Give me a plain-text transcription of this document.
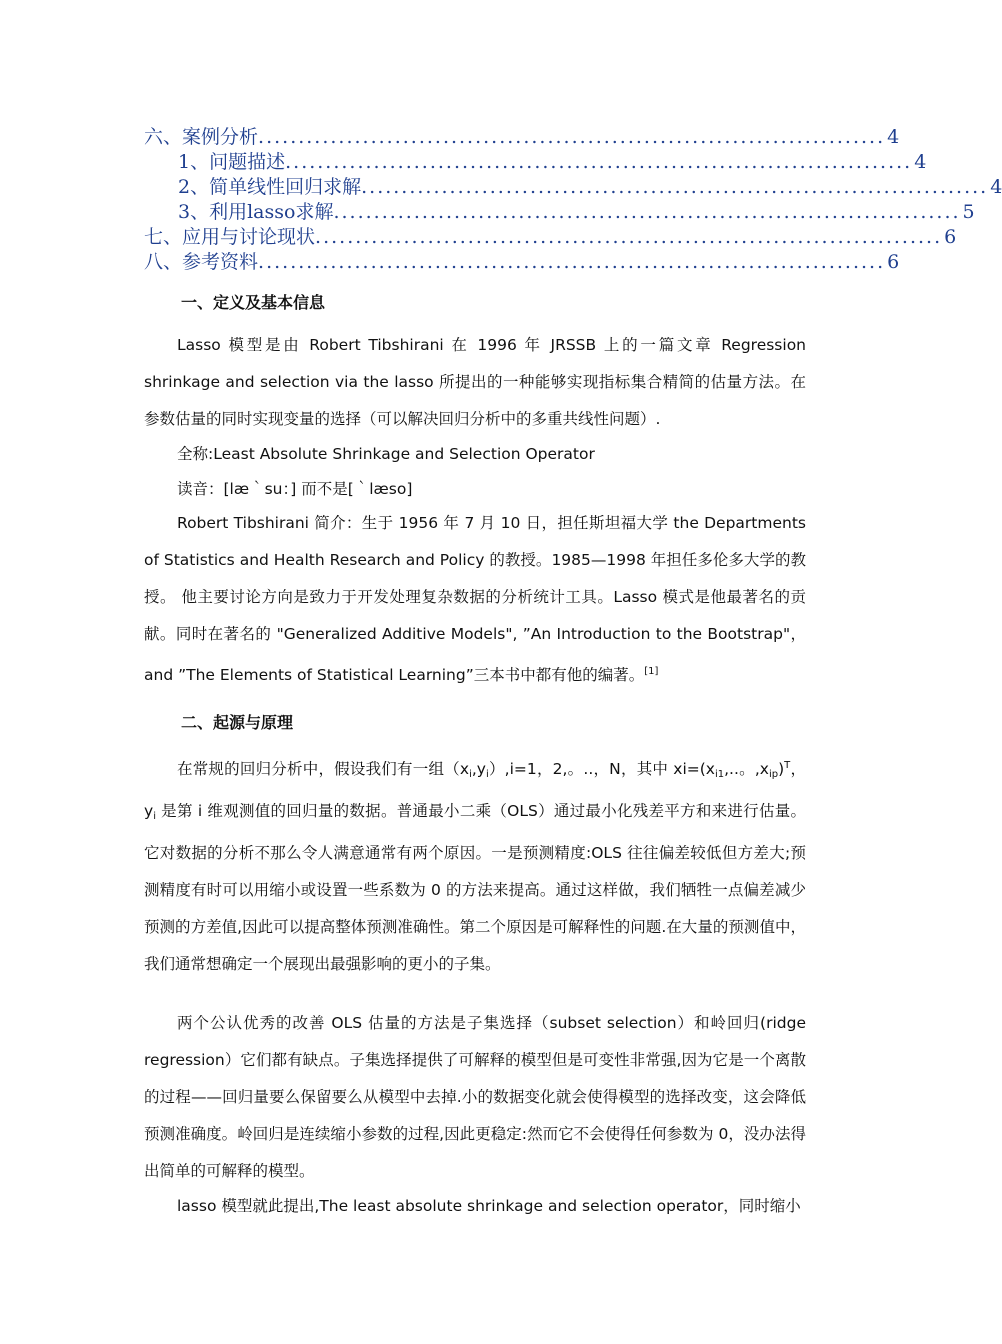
六、 案例分析 .............................................................................. 4
1、 问题描述 .............................................................................. 4
2、 简单线性回归求解 .............................................................................. 4
3、 利用lasso求解 .............................................................................. 5
七、 应用与讨论现状 .............................................................................. 6
八、 参考资料 .............................................................................. 6
一、定义及基本信息
Lasso 模型是由 Robert Tibshirani 在 1996 年 JRSSB 上的一篇文章 Regression shrinkage and selection via the lasso 所提出的一种能够实现指标集合精简的估量方法。在参数估量的同时实现变量的选择（可以解决回归分析中的多重共线性问题）.
全称:Least Absolute Shrinkage and Selection Operator
读音：[læ｀su：] 而不是[｀læso]
Robert Tibshirani 简介：生于 1956 年 7 月 10 日，担任斯坦福大学 the Departments of Statistics and Health Research and Policy 的教授。1985—1998 年担任多伦多大学的教授。 他主要讨论方向是致力于开发处理复杂数据的分析统计工具。Lasso 模式是他最著名的贡献。同时在著名的 "Generalized Additive Models", ”An Introduction to the Bootstrap"， and ”The Elements of Statistical Learning”三本书中都有他的编著。[1]
二、起源与原理
在常规的回归分析中，假设我们有一组$(x_i,y_i),i=1$，2,。..，N，其中 $xi=(x_{i1}$,..。$,x_{ip})^T$，$y_i$ 是第 i 维观测值的回归量的数据。普通最小二乘（OLS）通过最小化残差平方和来进行估量。它对数据的分析不那么令人满意通常有两个原因。一是预测精度:OLS 往往偏差较低但方差大;预测精度有时可以用缩小或设置一些系数为 0 的方法来提高。通过这样做，我们牺牲一点偏差减少预测的方差值,因此可以提高整体预测准确性。第二个原因是可解释性的问题.在大量的预测值中，我们通常想确定一个展现出最强影响的更小的子集。
两个公认优秀的改善 OLS 估量的方法是子集选择（subset selection）和岭回归(ridge regression）它们都有缺点。子集选择提供了可解释的模型但是可变性非常强,因为它是一个离散的过程——回归量要么保留要么从模型中去掉.小的数据变化就会使得模型的选择改变，这会降低预测准确度。岭回归是连续缩小参数的过程,因此更稳定:然而它不会使得任何参数为 0，没办法得出简单的可解释的模型。
lasso 模型就此提出,The least absolute shrinkage and selection operator，同时缩小
